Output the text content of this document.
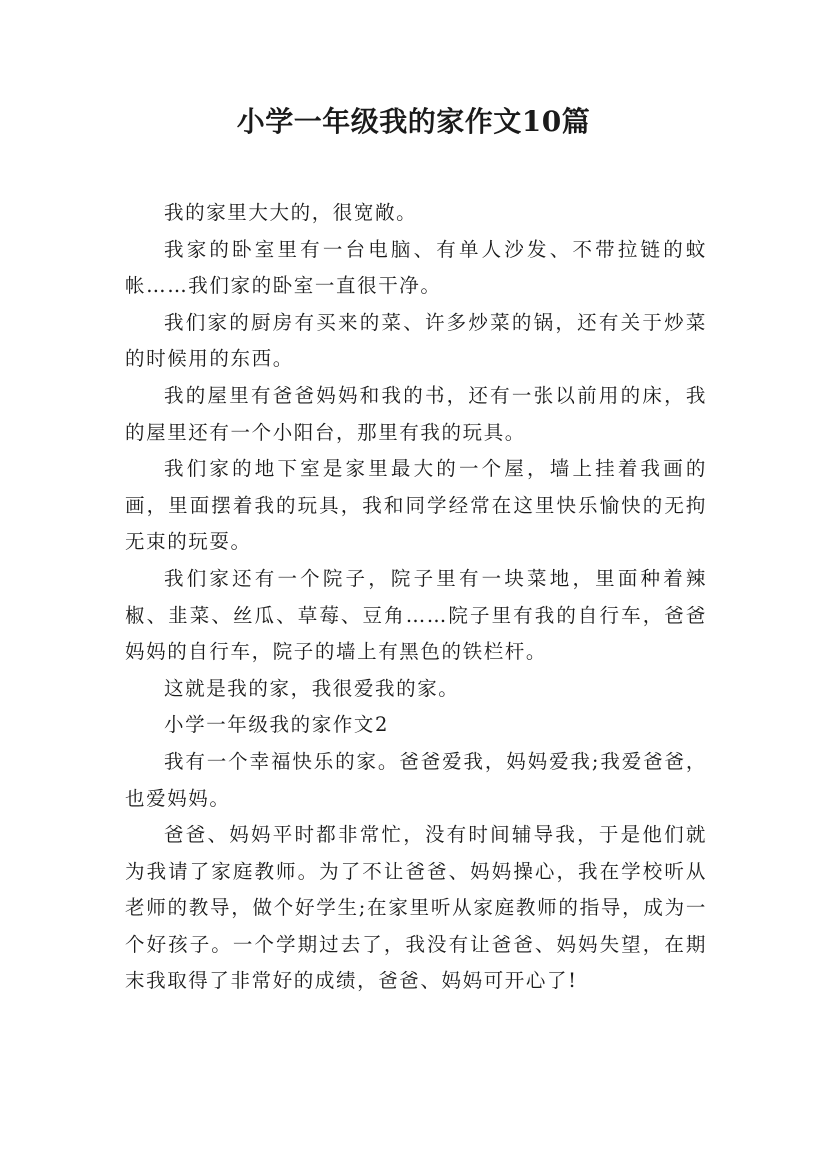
小学一年级我的家作文10篇

我的家里大大的，很宽敞。

我家的卧室里有一台电脑、有单人沙发、不带拉链的蚊帐……我们家的卧室一直很干净。

我们家的厨房有买来的菜、许多炒菜的锅，还有关于炒菜的时候用的东西。

我的屋里有爸爸妈妈和我的书，还有一张以前用的床，我的屋里还有一个小阳台，那里有我的玩具。

我们家的地下室是家里最大的一个屋，墙上挂着我画的画，里面摆着我的玩具，我和同学经常在这里快乐愉快的无拘无束的玩耍。

我们家还有一个院子，院子里有一块菜地，里面种着辣椒、韭菜、丝瓜、草莓、豆角……院子里有我的自行车，爸爸妈妈的自行车，院子的墙上有黑色的铁栏杆。

这就是我的家，我很爱我的家。

小学一年级我的家作文2

我有一个幸福快乐的家。爸爸爱我，妈妈爱我;我爱爸爸，也爱妈妈。

爸爸、妈妈平时都非常忙，没有时间辅导我，于是他们就为我请了家庭教师。为了不让爸爸、妈妈操心，我在学校听从老师的教导，做个好学生;在家里听从家庭教师的指导，成为一个好孩子。一个学期过去了，我没有让爸爸、妈妈失望，在期末我取得了非常好的成绩，爸爸、妈妈可开心了!
